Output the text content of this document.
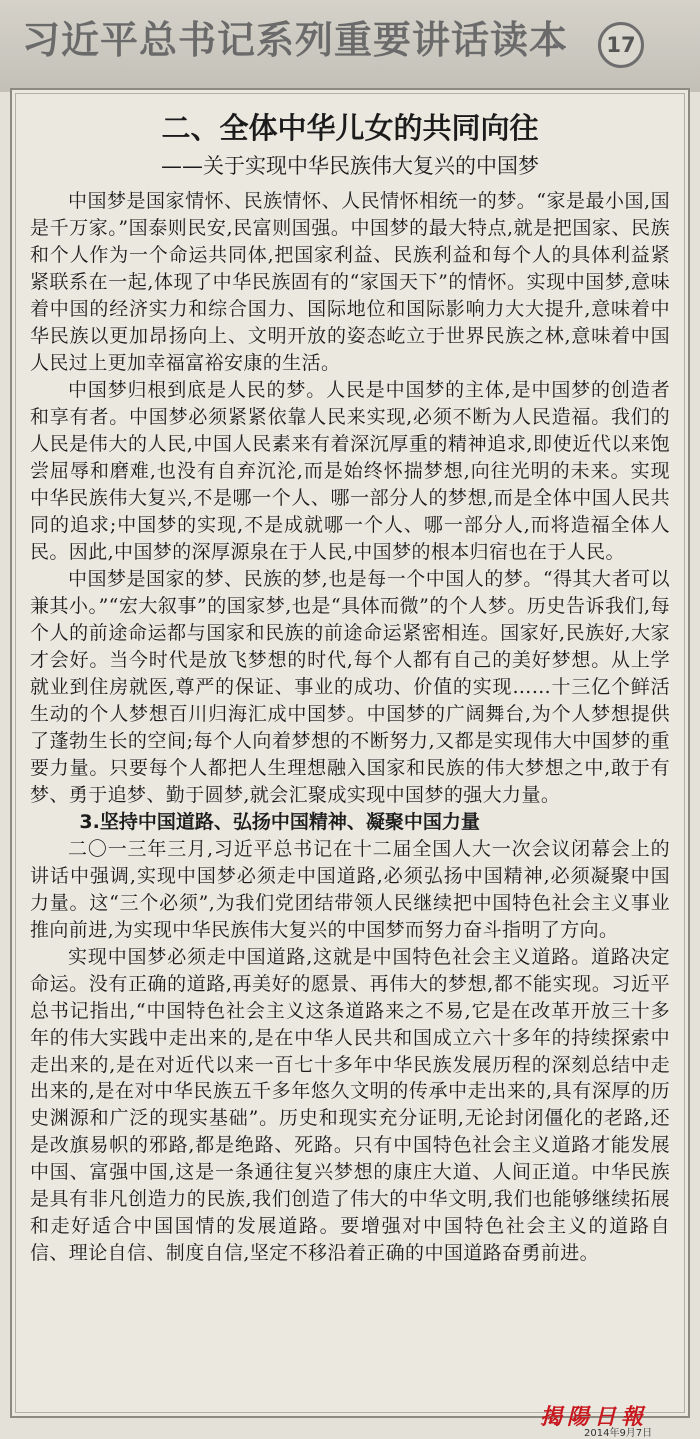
习近平总书记系列重要讲话读本	17
二、全体中华儿女的共同向往
——关于实现中华民族伟大复兴的中国梦

中国梦是国家情怀、民族情怀、人民情怀相统一的梦。“家是最小国,国是千万家。”国泰则民安,民富则国强。中国梦的最大特点,就是把国家、民族和个人作为一个命运共同体,把国家利益、民族利益和每个人的具体利益紧紧联系在一起,体现了中华民族固有的“家国天下”的情怀。实现中国梦,意味着中国的经济实力和综合国力、国际地位和国际影响力大大提升,意味着中华民族以更加昂扬向上、文明开放的姿态屹立于世界民族之林,意味着中国人民过上更加幸福富裕安康的生活。

中国梦归根到底是人民的梦。人民是中国梦的主体,是中国梦的创造者和享有者。中国梦必须紧紧依靠人民来实现,必须不断为人民造福。我们的人民是伟大的人民,中国人民素来有着深沉厚重的精神追求,即使近代以来饱尝屈辱和磨难,也没有自弃沉沦,而是始终怀揣梦想,向往光明的未来。实现中华民族伟大复兴,不是哪一个人、哪一部分人的梦想,而是全体中国人民共同的追求;中国梦的实现,不是成就哪一个人、哪一部分人,而将造福全体人民。因此,中国梦的深厚源泉在于人民,中国梦的根本归宿也在于人民。

中国梦是国家的梦、民族的梦,也是每一个中国人的梦。“得其大者可以兼其小。”“宏大叙事”的国家梦,也是“具体而微”的个人梦。历史告诉我们,每个人的前途命运都与国家和民族的前途命运紧密相连。国家好,民族好,大家才会好。当今时代是放飞梦想的时代,每个人都有自己的美好梦想。从上学就业到住房就医,尊严的保证、事业的成功、价值的实现……十三亿个鲜活生动的个人梦想百川归海汇成中国梦。中国梦的广阔舞台,为个人梦想提供了蓬勃生长的空间;每个人向着梦想的不断努力,又都是实现伟大中国梦的重要力量。只要每个人都把人生理想融入国家和民族的伟大梦想之中,敢于有梦、勇于追梦、勤于圆梦,就会汇聚成实现中国梦的强大力量。

3.坚持中国道路、弘扬中国精神、凝聚中国力量

二〇一三年三月,习近平总书记在十二届全国人大一次会议闭幕会上的讲话中强调,实现中国梦必须走中国道路,必须弘扬中国精神,必须凝聚中国力量。这“三个必须”,为我们党团结带领人民继续把中国特色社会主义事业推向前进,为实现中华民族伟大复兴的中国梦而努力奋斗指明了方向。

实现中国梦必须走中国道路,这就是中国特色社会主义道路。道路决定命运。没有正确的道路,再美好的愿景、再伟大的梦想,都不能实现。习近平总书记指出,“中国特色社会主义这条道路来之不易,它是在改革开放三十多年的伟大实践中走出来的,是在中华人民共和国成立六十多年的持续探索中走出来的,是在对近代以来一百七十多年中华民族发展历程的深刻总结中走出来的,是在对中华民族五千多年悠久文明的传承中走出来的,具有深厚的历史渊源和广泛的现实基础”。历史和现实充分证明,无论封闭僵化的老路,还是改旗易帜的邪路,都是绝路、死路。只有中国特色社会主义道路才能发展中国、富强中国,这是一条通往复兴梦想的康庄大道、人间正道。中华民族是具有非凡创造力的民族,我们创造了伟大的中华文明,我们也能够继续拓展和走好适合中国国情的发展道路。要增强对中国特色社会主义的道路自信、理论自信、制度自信,坚定不移沿着正确的中国道路奋勇前进。

揭陽日報
2014年9月7日
